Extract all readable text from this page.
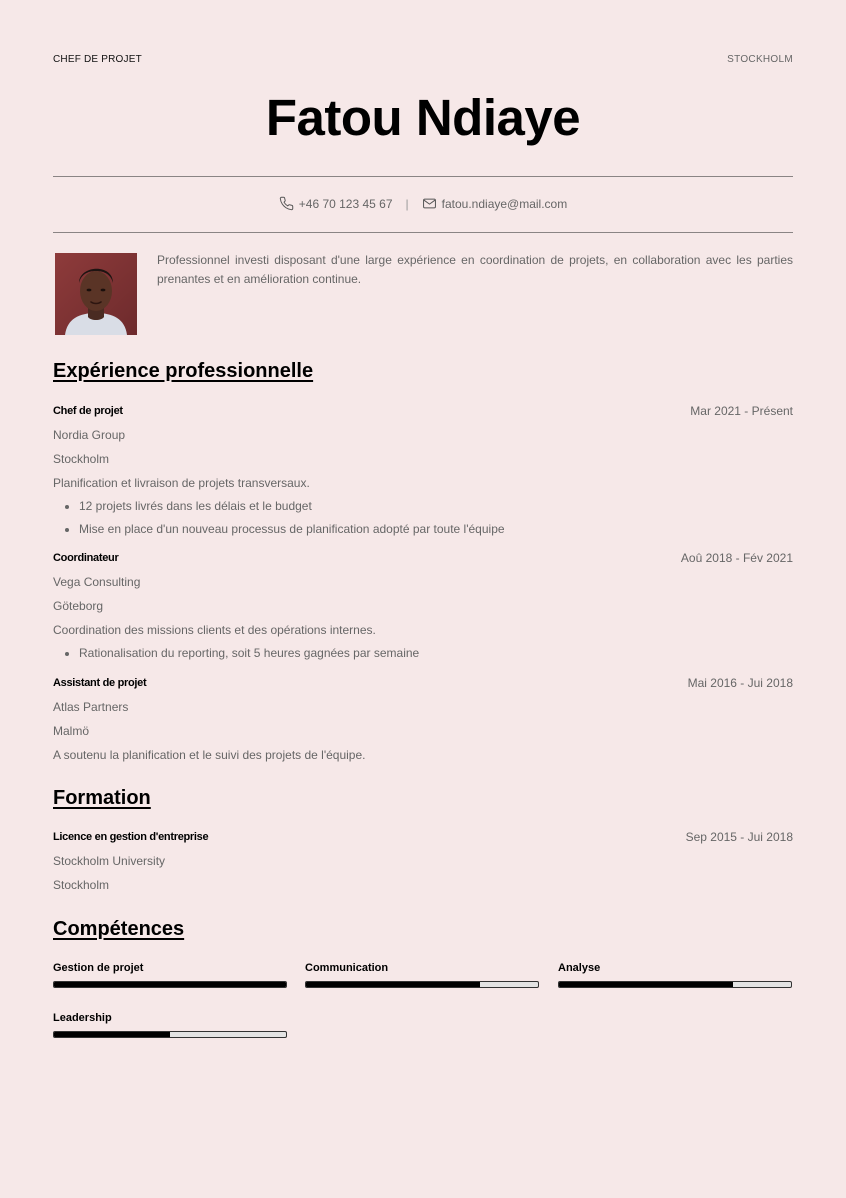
CHEF DE PROJET	STOCKHOLM
Fatou Ndiaye
+46 70 123 45 67 |	fatou.ndiaye@mail.com
Professionnel investi disposant d'une large expérience en coordination de projets, en collaboration avec les parties prenantes et en amélioration continue.
Expérience professionnelle
Chef de projet	Mar 2021 - Présent
Nordia Group
Stockholm
Planification et livraison de projets transversaux.
• 12 projets livrés dans les délais et le budget
• Mise en place d'un nouveau processus de planification adopté par toute l'équipe
Coordinateur	Aoû 2018 - Fév 2021
Vega Consulting
Göteborg
Coordination des missions clients et des opérations internes.
• Rationalisation du reporting, soit 5 heures gagnées par semaine
Assistant de projet	Mai 2016 - Jui 2018
Atlas Partners
Malmö
A soutenu la planification et le suivi des projets de l'équipe.
Formation
Licence en gestion d'entreprise	Sep 2015 - Jui 2018
Stockholm University
Stockholm
Compétences
Gestion de projet	Communication	Analyse
Leadership
